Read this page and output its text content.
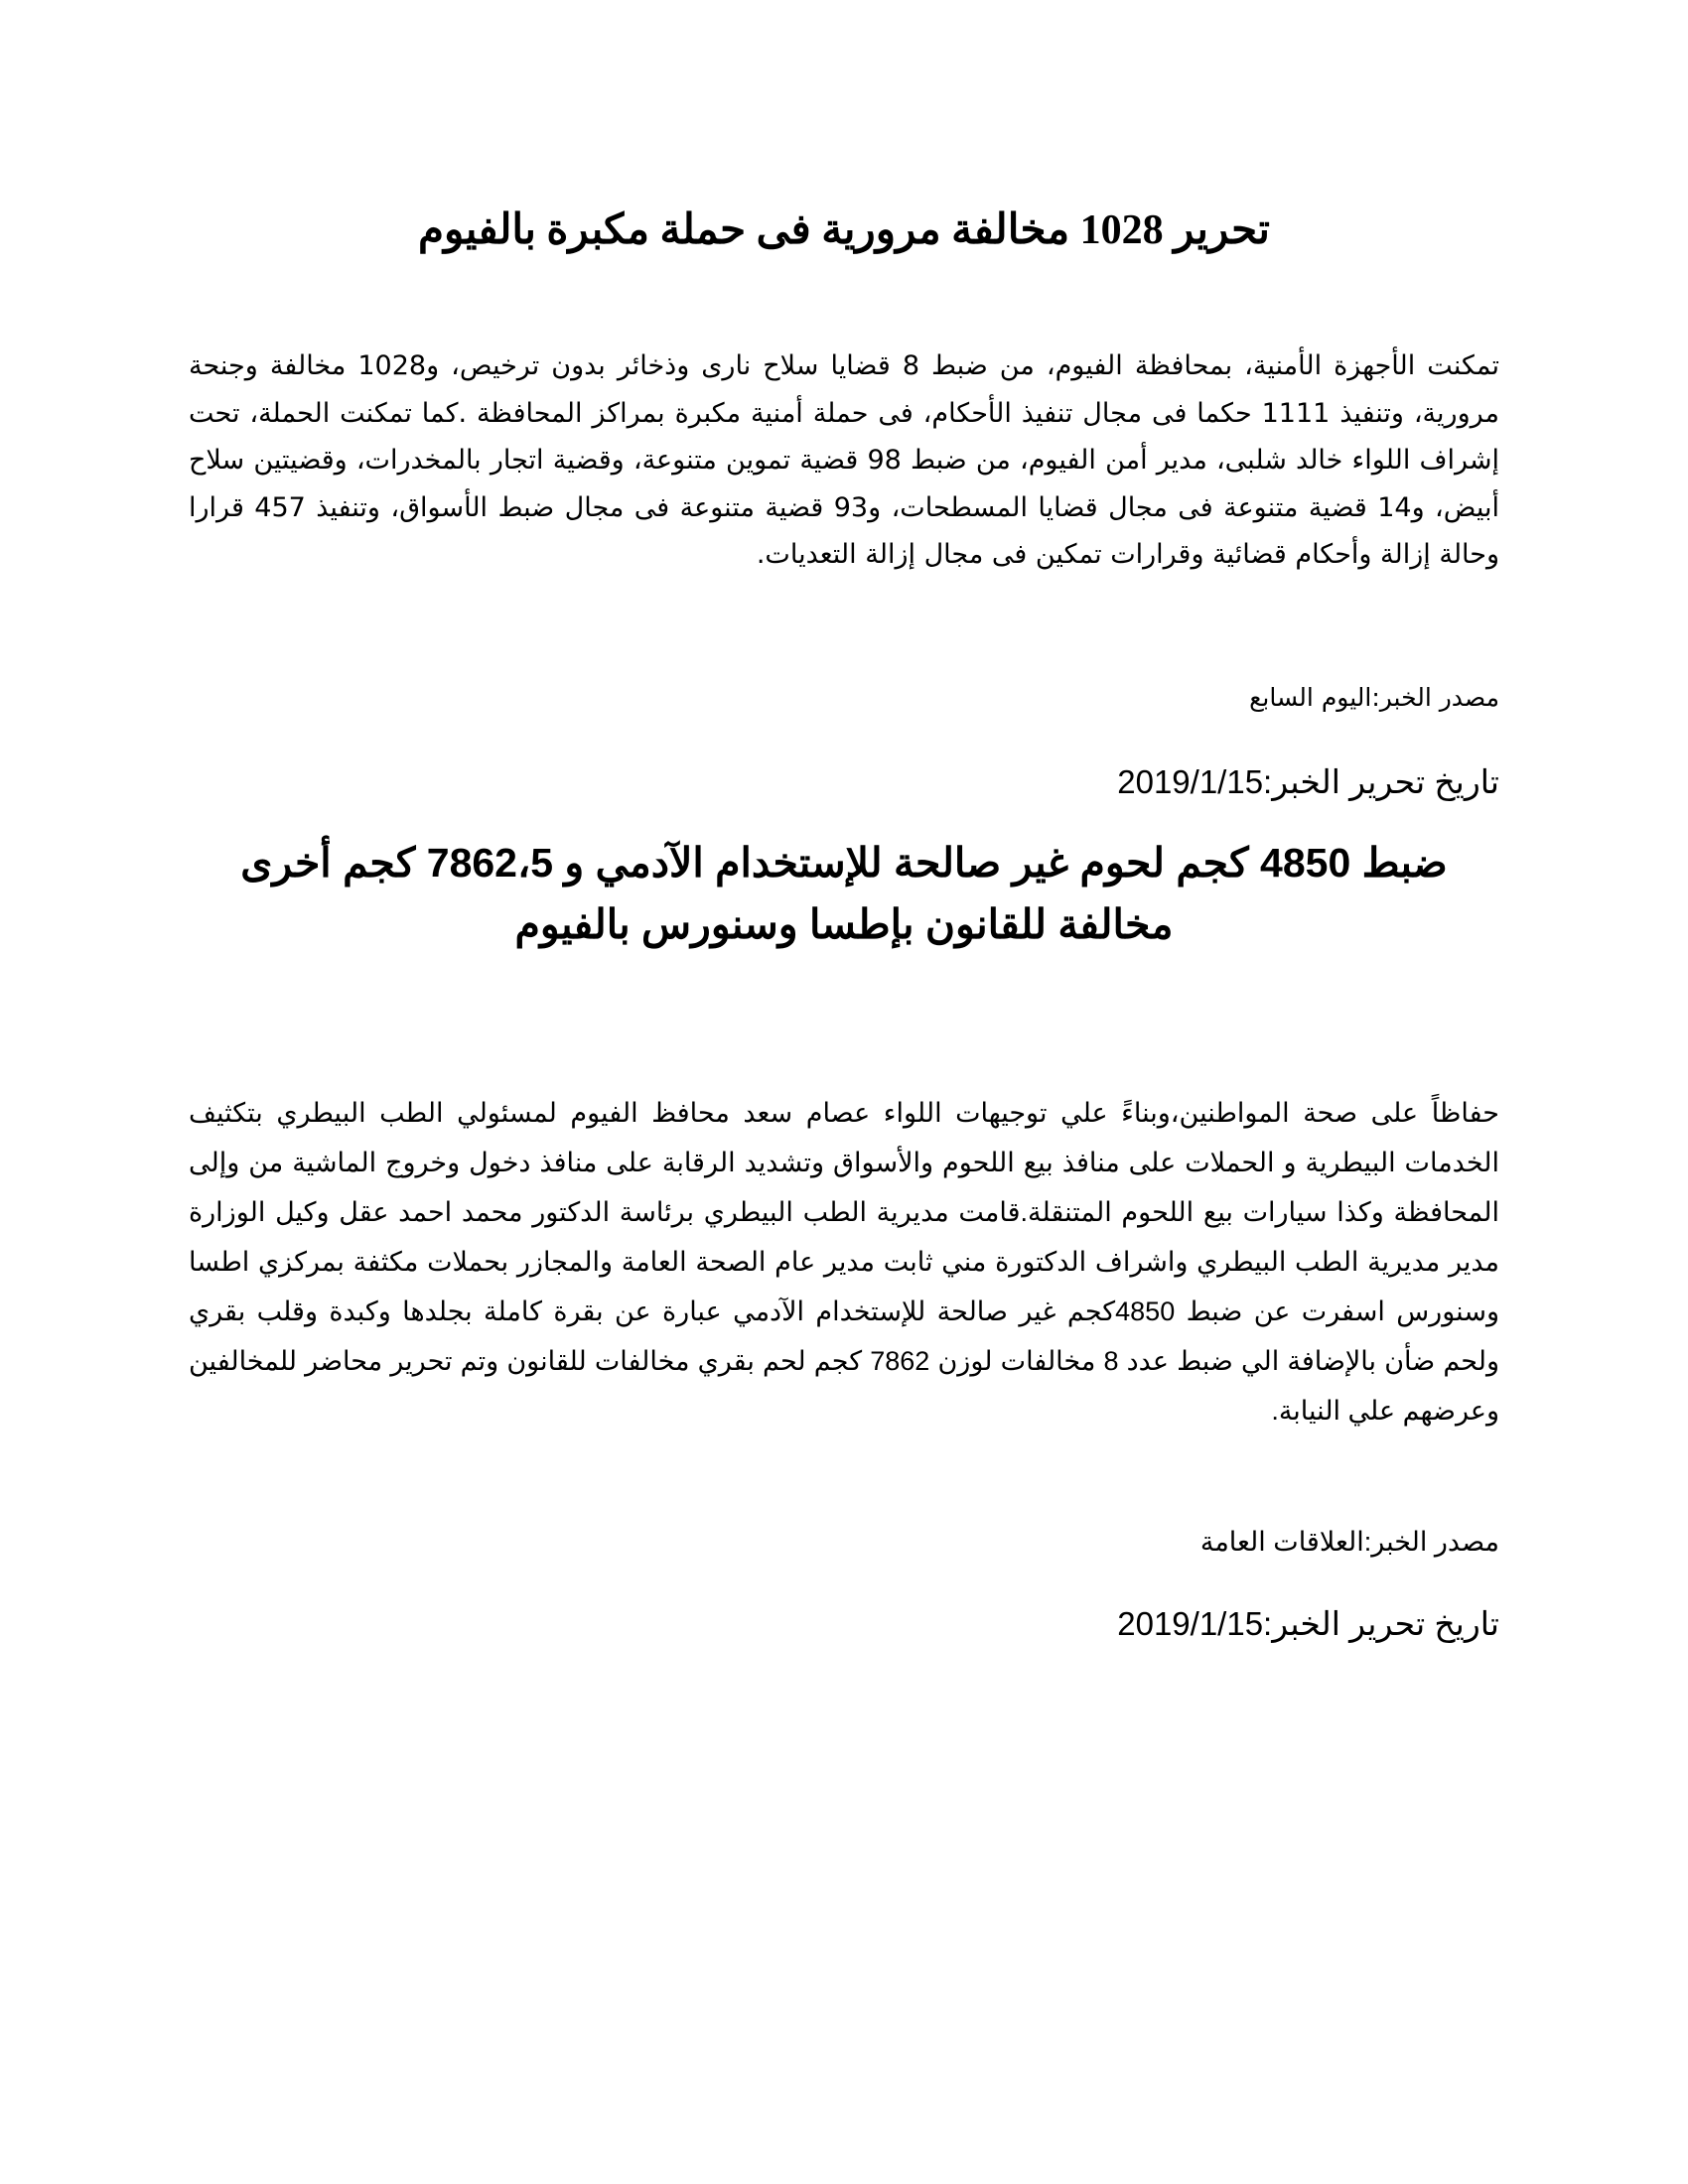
تحرير 1028 مخالفة مرورية فى حملة مكبرة بالفيوم

تمكنت الأجهزة الأمنية، بمحافظة الفيوم، من ضبط 8 قضايا سلاح نارى وذخائر بدون ترخيص، و1028 مخالفة وجنحة مرورية، وتنفيذ 1111 حكما فى مجال تنفيذ الأحكام، فى حملة أمنية مكبرة بمراكز المحافظة .كما تمكنت الحملة، تحت إشراف اللواء خالد شلبى، مدير أمن الفيوم، من ضبط 98 قضية تموين متنوعة، وقضية اتجار بالمخدرات، وقضيتين سلاح أبيض، و14 قضية متنوعة فى مجال قضايا المسطحات، و93 قضية متنوعة فى مجال ضبط الأسواق، وتنفيذ 457 قرارا وحالة إزالة وأحكام قضائية وقرارات تمكين فى مجال إزالة التعديات.

مصدر الخبر:اليوم السابع

تاريخ تحرير الخبر:2019/1/15

ضبط 4850 كجم لحوم غير صالحة للإستخدام الآدمي و 7862،5 كجم أخرى مخالفة للقانون بإطسا وسنورس بالفيوم

حفاظاً على صحة المواطنين،وبناءً علي توجيهات اللواء عصام سعد محافظ الفيوم لمسئولي الطب البيطري بتكثيف الخدمات البيطرية و الحملات على منافذ بيع اللحوم والأسواق وتشديد الرقابة على منافذ دخول وخروج الماشية من وإلى المحافظة وكذا سيارات بيع اللحوم المتنقلة.قامت مديرية الطب البيطري برئاسة الدكتور محمد احمد عقل وكيل الوزارة مدير مديرية الطب البيطري واشراف الدكتورة مني ثابت مدير عام الصحة العامة والمجازر بحملات مكثفة بمركزي اطسا وسنورس اسفرت عن ضبط 4850كجم غير صالحة للإستخدام الآدمي عبارة عن بقرة كاملة بجلدها وكبدة وقلب بقري ولحم ضأن بالإضافة الي ضبط عدد 8 مخالفات لوزن 7862 كجم لحم بقري مخالفات للقانون وتم تحرير محاضر للمخالفين وعرضهم علي النيابة.

مصدر الخبر:العلاقات العامة

تاريخ تحرير الخبر:2019/1/15
